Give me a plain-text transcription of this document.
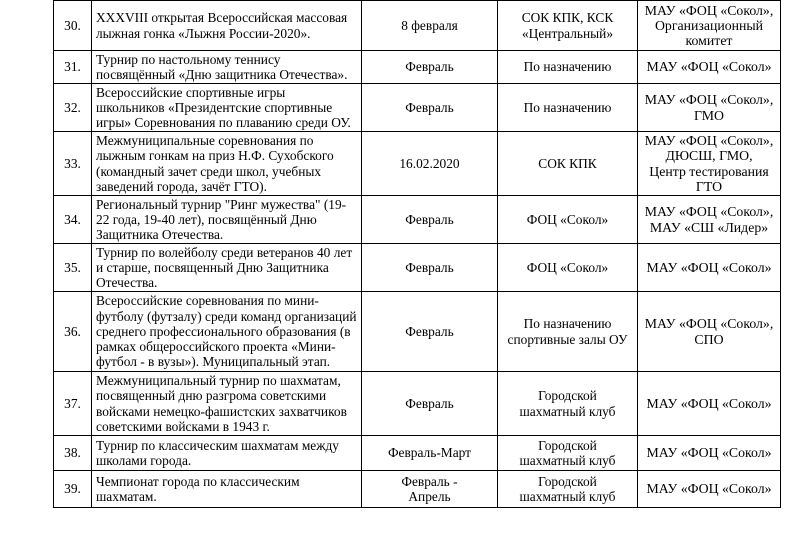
30.	XXXVIII открытая Всероссийская массовая лыжная гонка «Лыжня России-2020».	8 февраля	СОК КПК, КСК
«Центральный»	МАУ «ФОЦ «Сокол»,
Организационный
комитет

31.	Турнир по настольному теннису посвящённый «Дню защитника Отечества».	Февраль	По назначению	МАУ «ФОЦ «Сокол»

32.	Всероссийские спортивные игры школьников «Президентские спортивные игры» Соревнования по плаванию среди ОУ.	Февраль	По назначению	МАУ «ФОЦ «Сокол»,
ГМО

33.	Межмуниципальные соревнования по лыжным гонкам на приз Н.Ф. Сухобского (командный зачет среди школ, учебных заведений города, зачёт ГТО).	16.02.2020	СОК КПК	МАУ «ФОЦ «Сокол»,
ДЮСШ, ГМО,
Центр тестирования
ГТО

34.	Региональный турнир "Ринг мужества" (19-22 года, 19-40 лет), посвящённый Дню Защитника Отечества.	Февраль	ФОЦ «Сокол»	МАУ «ФОЦ «Сокол»,
МАУ «СШ «Лидер»

35.	Турнир по волейболу среди ветеранов 40 лет и старше, посвященный Дню Защитника Отечества.	Февраль	ФОЦ «Сокол»	МАУ «ФОЦ «Сокол»

36.	Всероссийские соревнования по мини-футболу (футзалу) среди команд организаций среднего профессионального образования (в рамках общероссийского проекта «Мини-футбол - в вузы»). Муниципальный этап.	Февраль	По назначению
спортивные залы ОУ	МАУ «ФОЦ «Сокол»,
СПО

37.	Межмуниципальный турнир по шахматам, посвященный дню разгрома советскими войсками немецко-фашистских захватчиков советскими войсками в 1943 г.	Февраль	Городской
шахматный клуб	МАУ «ФОЦ «Сокол»

38.	Турнир по классическим шахматам между школами города.	Февраль-Март	Городской
шахматный клуб	МАУ «ФОЦ «Сокол»

39.	Чемпионат города по классическим шахматам.	Февраль -
Апрель	Городской
шахматный клуб	МАУ «ФОЦ «Сокол»
